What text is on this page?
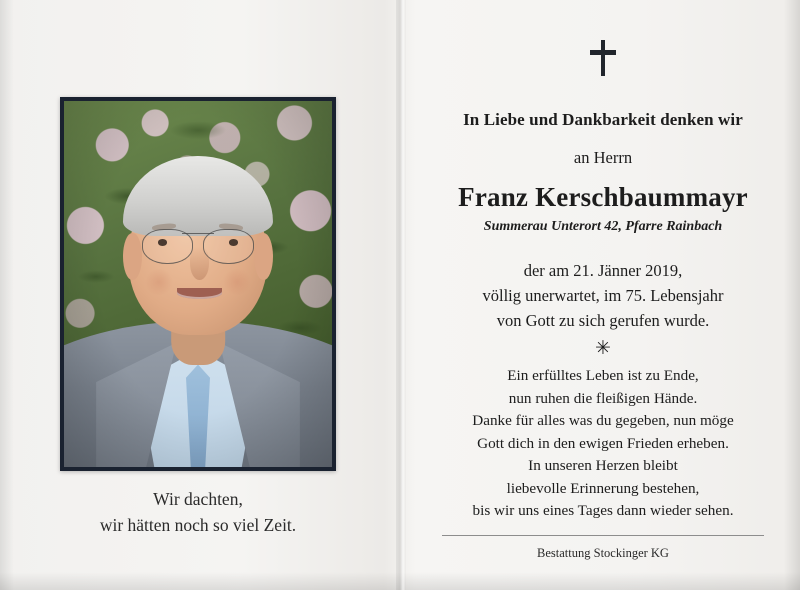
Wir dachten,
wir hätten noch so viel Zeit.
In Liebe und Dankbarkeit denken wir
an Herrn
Franz Kerschbaummayr
Summerau Unterort 42, Pfarre Rainbach
der am 21. Jänner 2019,
völlig unerwartet, im 75. Lebensjahr
von Gott zu sich gerufen wurde.
✳
Ein erfülltes Leben ist zu Ende,
nun ruhen die fleißigen Hände.
Danke für alles was du gegeben, nun möge
Gott dich in den ewigen Frieden erheben.
In unseren Herzen bleibt
liebevolle Erinnerung bestehen,
bis wir uns eines Tages dann wieder sehen.
Bestattung Stockinger KG
